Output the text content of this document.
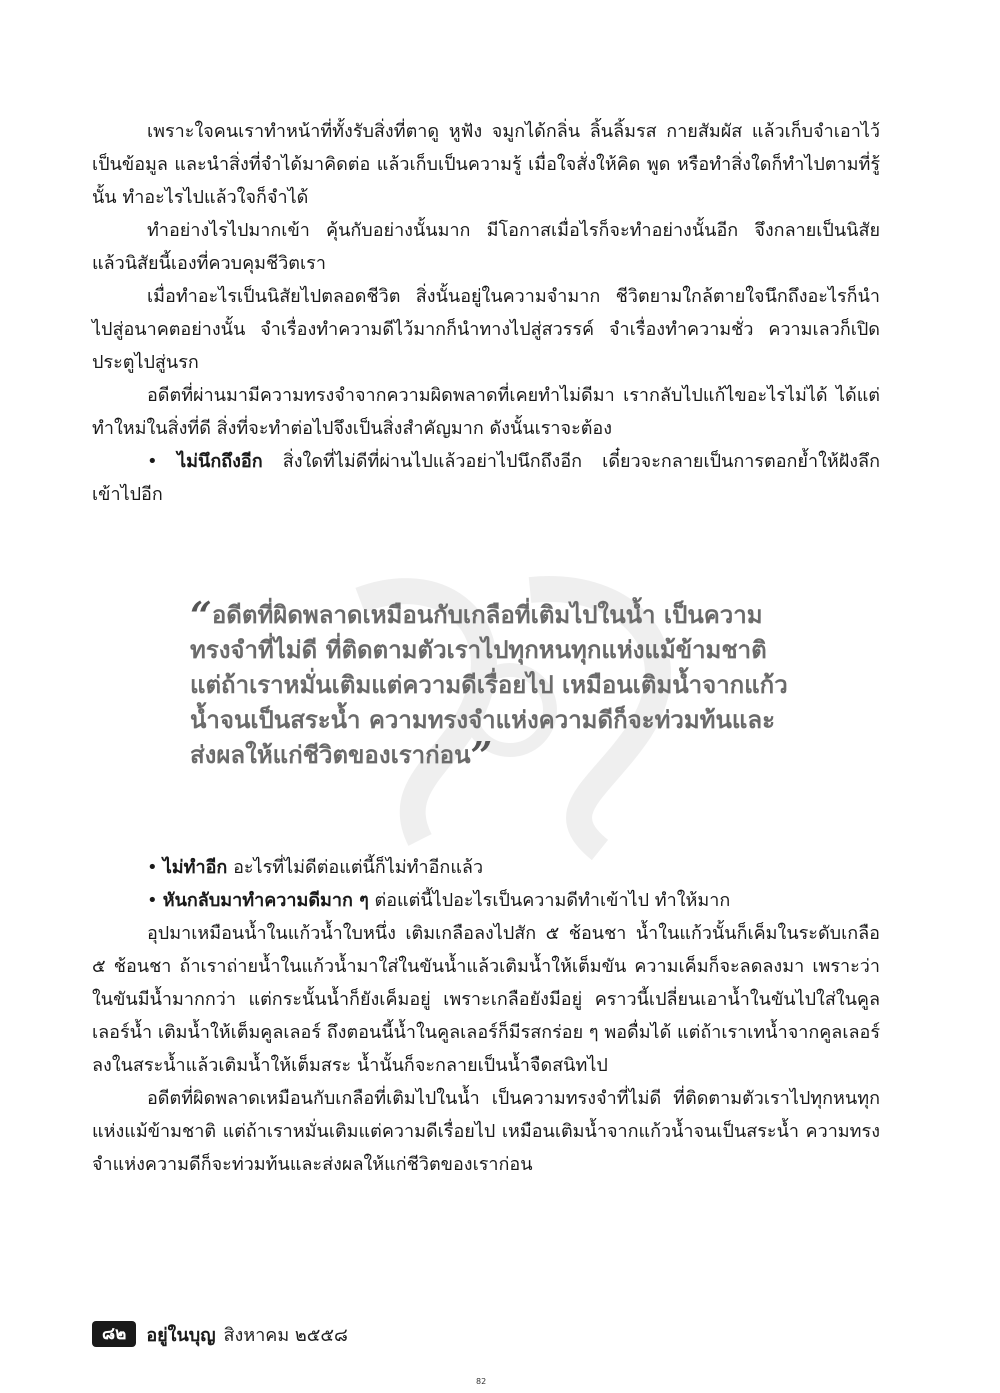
เพราะใจคนเราทำหน้าที่ทั้งรับสิ่งที่ตาดู หูฟัง จมูกได้กลิ่น ลิ้นลิ้มรส กายสัมผัส แล้วเก็บจำเอาไว้เป็นข้อมูล และนำสิ่งที่จำได้มาคิดต่อ แล้วเก็บเป็นความรู้ เมื่อใจสั่งให้คิด พูด หรือทำสิ่งใดก็ทำไปตามที่รู้นั้น ทำอะไรไปแล้วใจก็จำได้

ทำอย่างไรไปมากเข้า คุ้นกับอย่างนั้นมาก มีโอกาสเมื่อไรก็จะทำอย่างนั้นอีก จึงกลายเป็นนิสัย แล้วนิสัยนี้เองที่ควบคุมชีวิตเรา

เมื่อทำอะไรเป็นนิสัยไปตลอดชีวิต สิ่งนั้นอยู่ในความจำมาก ชีวิตยามใกล้ตายใจนึกถึงอะไรก็นำไปสู่อนาคตอย่างนั้น จำเรื่องทำความดีไว้มากก็นำทางไปสู่สวรรค์ จำเรื่องทำความชั่ว ความเลวก็เปิดประตูไปสู่นรก

อดีตที่ผ่านมามีความทรงจำจากความผิดพลาดที่เคยทำไม่ดีมา เรากลับไปแก้ไขอะไรไม่ได้ ได้แต่ทำใหม่ในสิ่งที่ดี สิ่งที่จะทำต่อไปจึงเป็นสิ่งสำคัญมาก ดังนั้นเราจะต้อง

• ไม่นึกถึงอีก สิ่งใดที่ไม่ดีที่ผ่านไปแล้วอย่าไปนึกถึงอีก เดี๋ยวจะกลายเป็นการตอกย้ำให้ฝังลึกเข้าไปอีก

“อดีตที่ผิดพลาดเหมือนกับเกลือที่เติมไปในน้ำ เป็นความทรงจำที่ไม่ดี ที่ติดตามตัวเราไปทุกหนทุกแห่งแม้ข้ามชาติ แต่ถ้าเราหมั่นเติมแต่ความดีเรื่อยไป เหมือนเติมน้ำจากแก้วน้ำจนเป็นสระน้ำ ความทรงจำแห่งความดีก็จะท่วมท้นและส่งผลให้แก่ชีวิตของเราก่อน”

• ไม่ทำอีก อะไรที่ไม่ดีต่อแต่นี้ก็ไม่ทำอีกแล้ว

• หันกลับมาทำความดีมาก ๆ ต่อแต่นี้ไปอะไรเป็นความดีทำเข้าไป ทำให้มาก

อุปมาเหมือนน้ำในแก้วน้ำใบหนึ่ง เติมเกลือลงไปสัก ๕ ช้อนชา น้ำในแก้วนั้นก็เค็มในระดับเกลือ ๕ ช้อนชา ถ้าเราถ่ายน้ำในแก้วน้ำมาใส่ในขันน้ำแล้วเติมน้ำให้เต็มขัน ความเค็มก็จะลดลงมา เพราะว่าในขันมีน้ำมากกว่า แต่กระนั้นน้ำก็ยังเค็มอยู่ เพราะเกลือยังมีอยู่ คราวนี้เปลี่ยนเอาน้ำในขันไปใส่ในคูลเลอร์น้ำ เติมน้ำให้เต็มคูลเลอร์ ถึงตอนนี้น้ำในคูลเลอร์ก็มีรสกร่อย ๆ พอดื่มได้ แต่ถ้าเราเทน้ำจากคูลเลอร์ลงในสระน้ำแล้วเติมน้ำให้เต็มสระ น้ำนั้นก็จะกลายเป็นน้ำจืดสนิทไป

อดีตที่ผิดพลาดเหมือนกับเกลือที่เติมไปในน้ำ เป็นความทรงจำที่ไม่ดี ที่ติดตามตัวเราไปทุกหนทุกแห่งแม้ข้ามชาติ แต่ถ้าเราหมั่นเติมแต่ความดีเรื่อยไป เหมือนเติมน้ำจากแก้วน้ำจนเป็นสระน้ำ ความทรงจำแห่งความดีก็จะท่วมท้นและส่งผลให้แก่ชีวิตของเราก่อน

๘๒	อยู่ในบุญ สิงหาคม ๒๕๕๘
82
